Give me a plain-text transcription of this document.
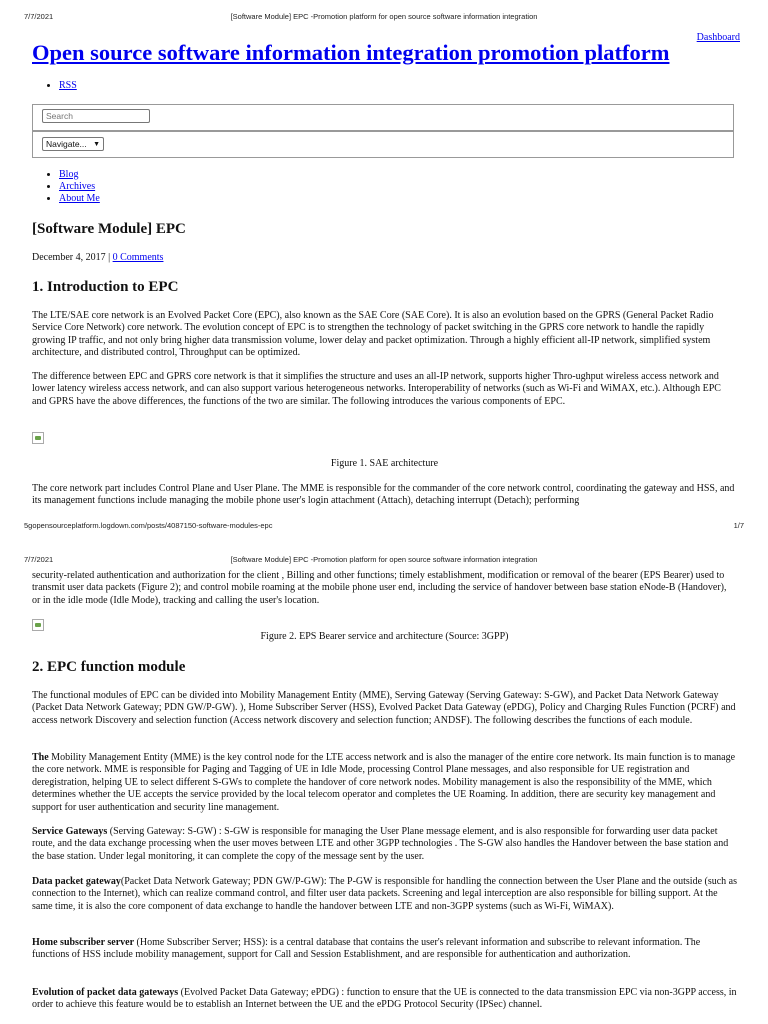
7/7/2021	[Software Module] EPC -Promotion platform for open source software information integration
Dashboard
Open source software information integration promotion platform
• RSS
Search
Navigate... ▼
• Blog
• Archives
• About Me
[Software Module] EPC
December 4, 2017 | 0 Comments
1. Introduction to EPC

The LTE/SAE core network is an Evolved Packet Core (EPC), also known as the SAE Core (SAE Core). It is also an evolution based on the GPRS (General Packet Radio Service Core Network) core network. The evolution concept of EPC is to strengthen the technology of packet switching in the GPRS core network to handle the rapidly growing IP traffic, and not only bring higher data transmission volume, lower delay and packet optimization. Through a highly efficient all-IP network, simplified system architecture, and distributed control, Throughput can be optimized.

The difference between EPC and GPRS core network is that it simplifies the structure and uses an all-IP network, supports higher Thro-ughput wireless access network and lower latency wireless access network, and can also support various heterogeneous networks. Interoperability of networks (such as Wi-Fi and WiMAX, etc.). Although EPC and GPRS have the above differences, the functions of the two are similar. The following introduces the various components of EPC.

Figure 1. SAE architecture

The core network part includes Control Plane and User Plane. The MME is responsible for the commander of the core network control, coordinating the gateway and HSS, and its management functions include managing the mobile phone user's login attachment (Attach), detaching interrupt (Detach); performing

5gopensourceplatform.logdown.com/posts/4087150-software-modules-epc	1/7
7/7/2021	[Software Module] EPC -Promotion platform for open source software information integration

security-related authentication and authorization for the client , Billing and other functions; timely establishment, modification or removal of the bearer (EPS Bearer) used to transmit user data packets (Figure 2); and control mobile roaming at the mobile phone user end, including the service of handover between base station eNode-B (Handover), or in the idle mode (Idle Mode), tracking and calling the user's location.

Figure 2. EPS Bearer service and architecture (Source: 3GPP)
2. EPC function module

The functional modules of EPC can be divided into Mobility Management Entity (MME), Serving Gateway (Serving Gateway: S-GW), and Packet Data Network Gateway (Packet Data Network Gateway; PDN GW/P-GW). ), Home Subscriber Server (HSS), Evolved Packet Data Gateway (ePDG), Policy and Charging Rules Function (PCRF) and access network Discovery and selection function (Access network discovery and selection function; ANDSF). The following describes the functions of each module.

The Mobility Management Entity (MME) is the key control node for the LTE access network and is also the manager of the entire core network. Its main function is to manage the core network. MME is responsible for Paging and Tagging of UE in Idle Mode, processing Control Plane messages, and also responsible for UE registration and deregistration, helping UE to select different S-GWs to complete the handover of core network nodes. Mobility management is also the responsibility of the MME, which determines whether the UE accepts the service provided by the local telecom operator and completes the UE Roaming. In addition, there are security key management and support for user authentication and security line management.

Service Gateways (Serving Gateway: S-GW) : S-GW is responsible for managing the User Plane message element, and is also responsible for forwarding user data packet route, and the data exchange processing when the user moves between LTE and other 3GPP technologies . The S-GW also handles the Handover between the base station and the base station. Under legal monitoring, it can complete the copy of the message sent by the user.

Data packet gateway(Packet Data Network Gateway; PDN GW/P-GW): The P-GW is responsible for handling the connection between the User Plane and the outside (such as connection to the Internet), which can realize command control, and filter user data packets. Screening and legal interception are also responsible for billing support. At the same time, it is also the core component of data exchange to handle the handover between LTE and non-3GPP systems (such as Wi-Fi, WiMAX).

Home subscriber server (Home Subscriber Server; HSS): is a central database that contains the user's relevant information and subscribe to relevant information. The functions of HSS include mobility management, support for Call and Session Establishment, and are responsible for authentication and authorization.

Evolution of packet data gateways (Evolved Packet Data Gateway; ePDG) : function to ensure that the UE is connected to the data transmission EPC via non-3GPP access, in order to achieve this feature would be to establish an Internet between the UE and the ePDG Protocol Security (IPSec) channel.
